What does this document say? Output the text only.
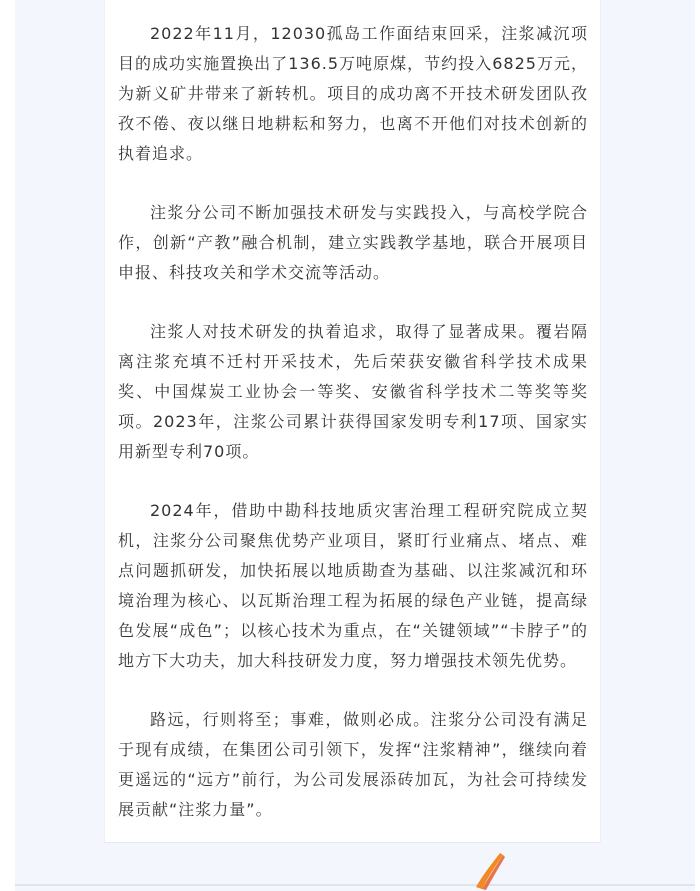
2022年11月，12030孤岛工作面结束回采，注浆减沉项目的成功实施置换出了136.5万吨原煤，节约投入6825万元，为新义矿井带来了新转机。项目的成功离不开技术研发团队孜孜不倦、夜以继日地耕耘和努力，也离不开他们对技术创新的执着追求。

注浆分公司不断加强技术研发与实践投入，与高校学院合作，创新“产教”融合机制，建立实践教学基地，联合开展项目申报、科技攻关和学术交流等活动。

注浆人对技术研发的执着追求，取得了显著成果。覆岩隔离注浆充填不迁村开采技术，先后荣获安徽省科学技术成果奖、中国煤炭工业协会一等奖、安徽省科学技术二等奖等奖项。2023年，注浆公司累计获得国家发明专利17项、国家实用新型专利70项。

2024年，借助中勘科技地质灾害治理工程研究院成立契机，注浆分公司聚焦优势产业项目，紧盯行业痛点、堵点、难点问题抓研发，加快拓展以地质勘查为基础、以注浆减沉和环境治理为核心、以瓦斯治理工程为拓展的绿色产业链，提高绿色发展“成色”；以核心技术为重点，在“关键领域”“卡脖子”的地方下大功夫，加大科技研发力度，努力增强技术领先优势。

路远，行则将至；事难，做则必成。注浆分公司没有满足于现有成绩，在集团公司引领下，发挥“注浆精神”，继续向着更遥远的“远方”前行，为公司发展添砖加瓦，为社会可持续发展贡献“注浆力量”。
